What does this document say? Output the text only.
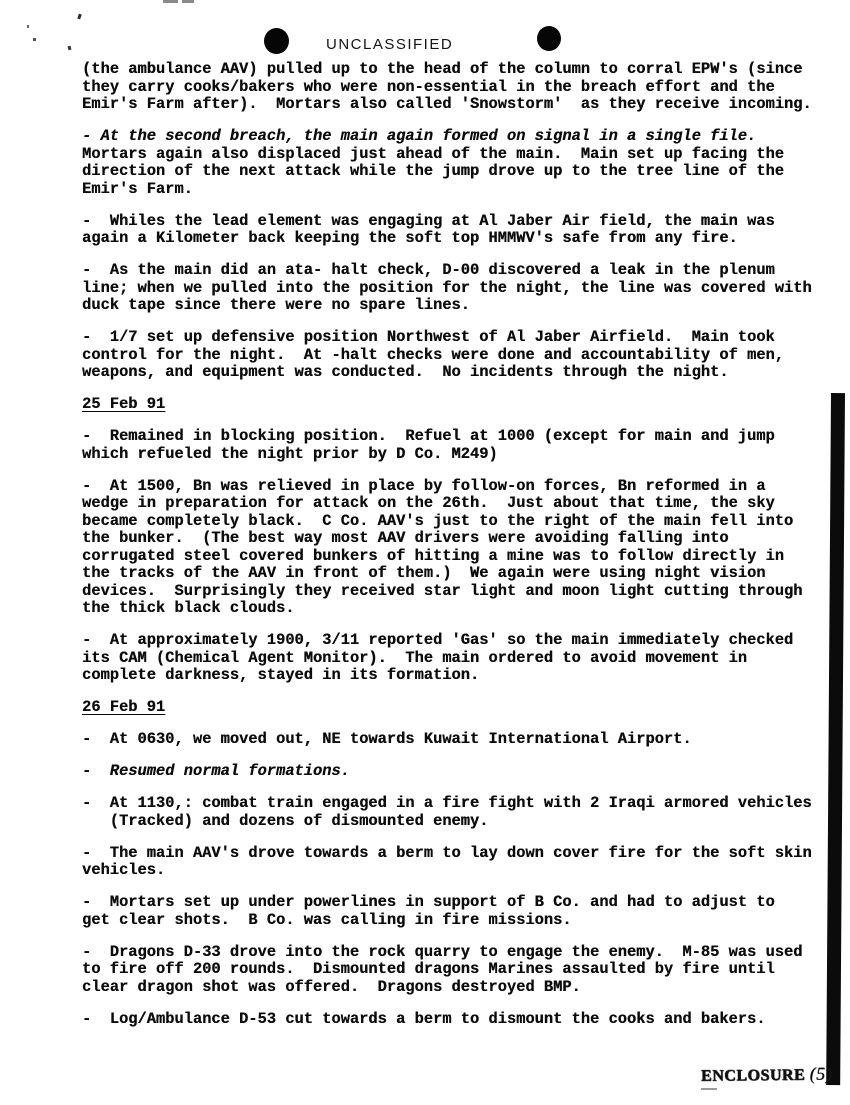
UNCLASSIFIED
(the ambulance AAV) pulled up to the head of the column to corral EPW's (since
they carry cooks/bakers who were non-essential in the breach effort and the
Emir's Farm after).  Mortars also called 'Snowstorm'  as they receive incoming.
- At the second breach, the main again formed on signal in a single file.
Mortars again also displaced just ahead of the main.  Main set up facing the
direction of the next attack while the jump drove up to the tree line of the
Emir's Farm.
-  Whiles the lead element was engaging at Al Jaber Air field, the main was
again a Kilometer back keeping the soft top HMMWV's safe from any fire.
-  As the main did an ata- halt check, D-00 discovered a leak in the plenum
line; when we pulled into the position for the night, the line was covered with
duck tape since there were no spare lines.
-  1/7 set up defensive position Northwest of Al Jaber Airfield.  Main took
control for the night.  At -halt checks were done and accountability of men,
weapons, and equipment was conducted.  No incidents through the night.
25 Feb 91
-  Remained in blocking position.  Refuel at 1000 (except for main and jump
which refueled the night prior by D Co. M249)
-  At 1500, Bn was relieved in place by follow-on forces, Bn reformed in a
wedge in preparation for attack on the 26th.  Just about that time, the sky
became completely black.  C Co. AAV's just to the right of the main fell into
the bunker.  (The best way most AAV drivers were avoiding falling into
corrugated steel covered bunkers of hitting a mine was to follow directly in
the tracks of the AAV in front of them.)  We again were using night vision
devices.  Surprisingly they received star light and moon light cutting through
the thick black clouds.
-  At approximately 1900, 3/11 reported 'Gas' so the main immediately checked
its CAM (Chemical Agent Monitor).  The main ordered to avoid movement in
complete darkness, stayed in its formation.
26 Feb 91
-  At 0630, we moved out, NE towards Kuwait International Airport.
-  Resumed normal formations.
-  At 1130,: combat train engaged in a fire fight with 2 Iraqi armored vehicles
(Tracked) and dozens of dismounted enemy.
-  The main AAV's drove towards a berm to lay down cover fire for the soft skin
vehicles.
-  Mortars set up under powerlines in support of B Co. and had to adjust to
get clear shots.  B Co. was calling in fire missions.
-  Dragons D-33 drove into the rock quarry to engage the enemy.  M-85 was used
to fire off 200 rounds.  Dismounted dragons Marines assaulted by fire until
clear dragon shot was offered.  Dragons destroyed BMP.
-  Log/Ambulance D-53 cut towards a berm to dismount the cooks and bakers.
ENCLOSURE (5)
